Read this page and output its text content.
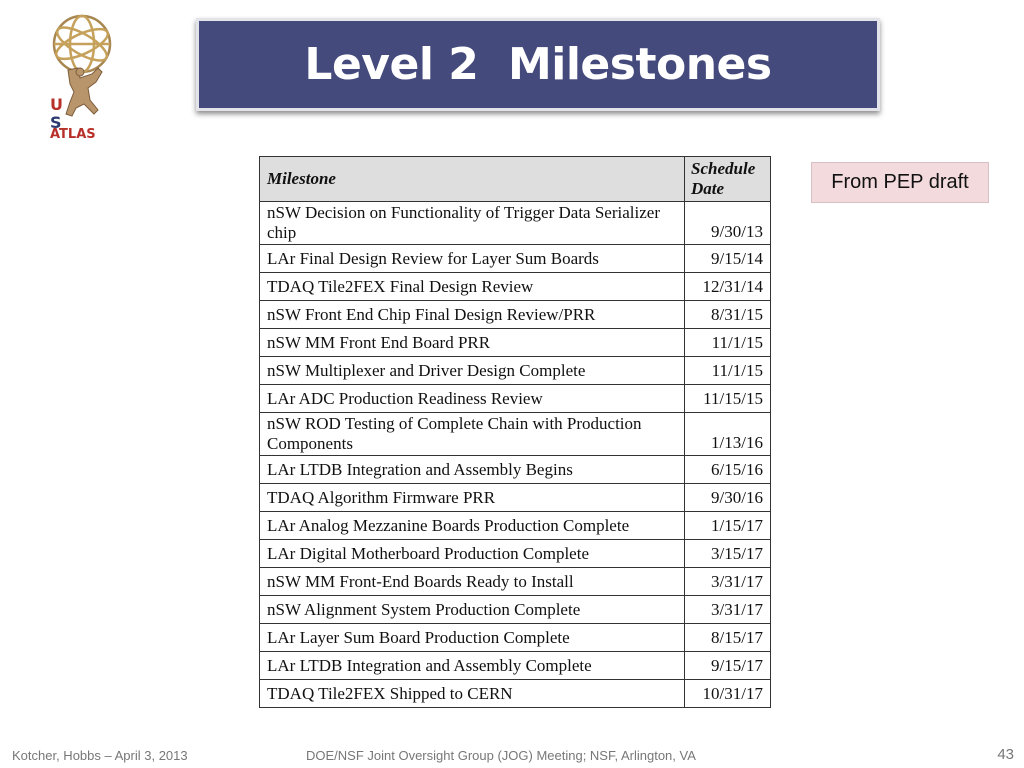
U
S
ATLAS
Level 2  Milestones
From PEP draft
Milestone	Schedule
Date
nSW Decision on Functionality of Trigger Data Serializer chip	9/30/13
LAr Final Design Review for Layer Sum Boards	9/15/14
TDAQ Tile2FEX Final Design Review	12/31/14
nSW Front End Chip Final Design Review/PRR	8/31/15
nSW MM Front End Board PRR	11/1/15
nSW Multiplexer and Driver Design Complete	11/1/15
LAr ADC Production Readiness Review	11/15/15
nSW ROD Testing of Complete Chain with Production Components	1/13/16
LAr LTDB Integration and Assembly Begins	6/15/16
TDAQ Algorithm Firmware PRR	9/30/16
LAr Analog Mezzanine Boards Production Complete	1/15/17
LAr Digital Motherboard Production Complete	3/15/17
nSW MM Front-End Boards Ready to Install	3/31/17
nSW Alignment System Production Complete	3/31/17
LAr Layer Sum Board Production Complete	8/15/17
LAr LTDB Integration and Assembly Complete	9/15/17
TDAQ Tile2FEX Shipped to CERN	10/31/17
Kotcher, Hobbs – April 3, 2013	DOE/NSF Joint Oversight Group (JOG) Meeting; NSF, Arlington, VA	43
